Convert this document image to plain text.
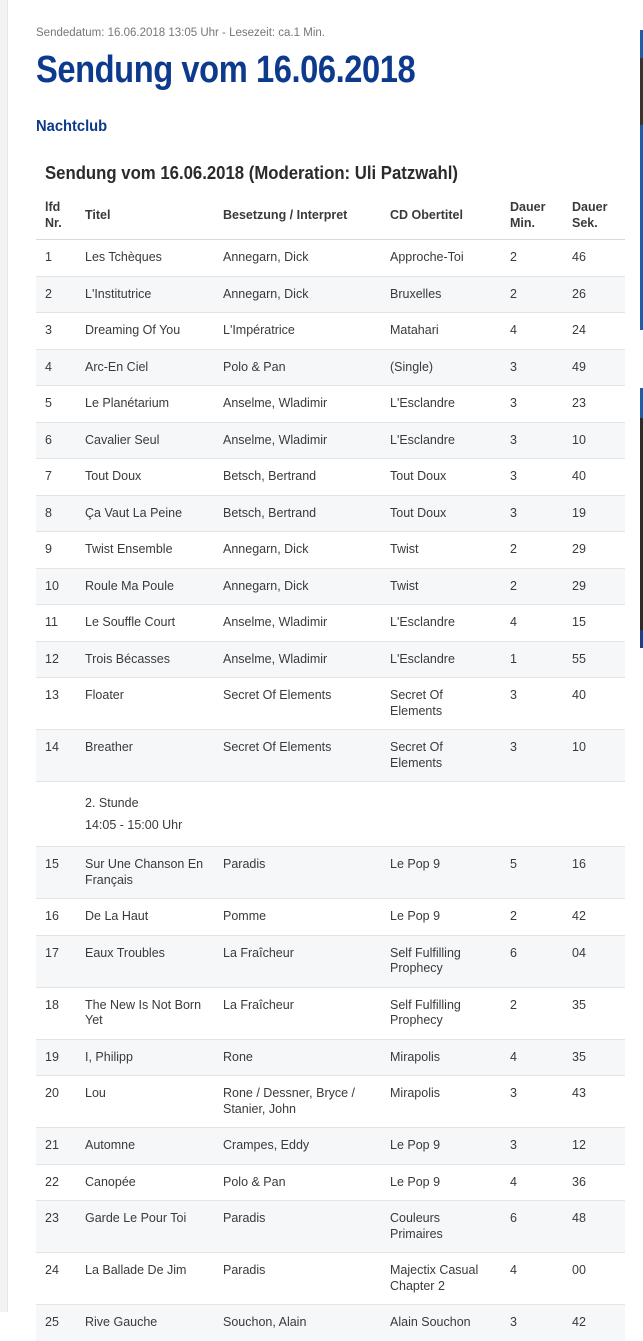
Sendedatum: 16.06.2018 13:05 Uhr - Lesezeit: ca.1 Min.
Sendung vom 16.06.2018
Nachtclub
Sendung vom 16.06.2018 (Moderation: Uli Patzwahl)
lfd Nr.	Titel	Besetzung / Interpret	CD Obertitel	Dauer Min.	Dauer Sek.
1	Les Tchèques	Annegarn, Dick	Approche-Toi	2	46
2	L'Institutrice	Annegarn, Dick	Bruxelles	2	26
3	Dreaming Of You	L'Impératrice	Matahari	4	24
4	Arc-En Ciel	Polo & Pan	(Single)	3	49
5	Le Planétarium	Anselme, Wladimir	L'Esclandre	3	23
6	Cavalier Seul	Anselme, Wladimir	L'Esclandre	3	10
7	Tout Doux	Betsch, Bertrand	Tout Doux	3	40
8	Ça Vaut La Peine	Betsch, Bertrand	Tout Doux	3	19
9	Twist Ensemble	Annegarn, Dick	Twist	2	29
10	Roule Ma Poule	Annegarn, Dick	Twist	2	29
11	Le Souffle Court	Anselme, Wladimir	L'Esclandre	4	15
12	Trois Bécasses	Anselme, Wladimir	L'Esclandre	1	55
13	Floater	Secret Of Elements	Secret Of Elements	3	40
14	Breather	Secret Of Elements	Secret Of Elements	3	10

	2. Stunde
14:05 - 15:00 Uhr				

15	Sur Une Chanson En Français	Paradis	Le Pop 9	5	16
16	De La Haut	Pomme	Le Pop 9	2	42
17	Eaux Troubles	La Fraîcheur	Self Fulfilling Prophecy	6	04
18	The New Is Not Born Yet	La Fraîcheur	Self Fulfilling Prophecy	2	35
19	I, Philipp	Rone	Mirapolis	4	35
20	Lou	Rone / Dessner, Bryce / Stanier, John	Mirapolis	3	43
21	Automne	Crampes, Eddy	Le Pop 9	3	12
22	Canopée	Polo & Pan	Le Pop 9	4	36
23	Garde Le Pour Toi	Paradis	Couleurs Primaires	6	48
24	La Ballade De Jim	Paradis	Majectix Casual Chapter 2	4	00
25	Rive Gauche	Souchon, Alain	Alain Souchon	3	42
